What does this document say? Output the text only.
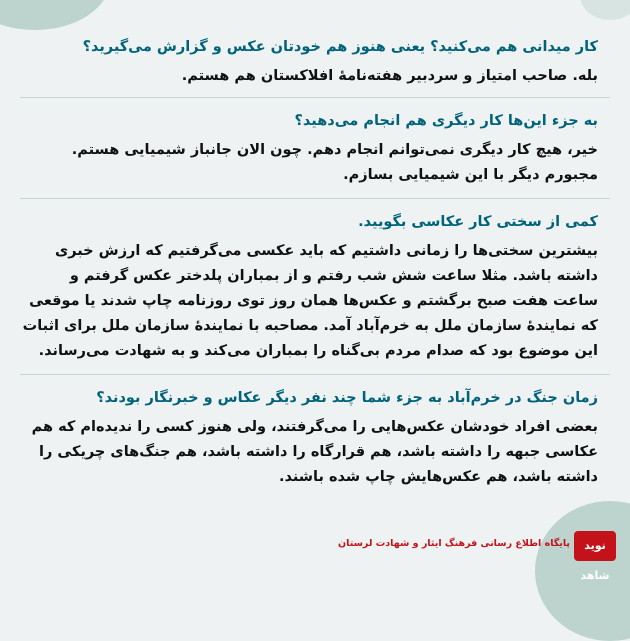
کار میدانی هم می‌کنید؟ یعنی هنوز هم خودتان عکس و گزارش می‌گیرید؟

بله. صاحب امتیاز و سردبیر هفته‌نامهٔ افلاکستان هم هستم.

به جزء این‌ها کار دیگری هم انجام می‌دهید؟

خیر، هیچ کار دیگری نمی‌توانم انجام دهم. چون الان جانباز شیمیایی هستم. مجبورم دیگر با این شیمیایی بسازم.

کمی از سختی کار عکاسی بگویید.

بیشترین سختی‌ها را زمانی داشتیم که باید عکسی می‌گرفتیم که ارزش خبری داشته باشد. مثلا ساعت شش شب رفتم و از بمباران پلدختر عکس گرفتم و ساعت هفت صبح برگشتم و عکس‌ها همان روز توی روزنامه چاپ شدند یا موقعی که نمایندهٔ سازمان ملل به خرم‌آباد آمد. مصاحبه با نمایندهٔ سازمان ملل برای اثبات این موضوع بود که صدام مردم بی‌گناه را بمباران می‌کند و به شهادت می‌رساند.

زمان جنگ در خرم‌آباد به جزء شما چند نفر دیگر عکاس و خبرنگار بودند؟

بعضی افراد خودشان عکس‌هایی را می‌گرفتند، ولی هنوز کسی را ندیده‌ام که هم عکاسی جبهه را داشته باشد، هم قرارگاه را داشته باشد، هم جنگ‌های چریکی را داشته باشد، هم عکس‌هایش چاپ شده باشند.

نوید شاهد
پایگاه اطلاع رسانی فرهنگ ایثار و شهادت لرستان
